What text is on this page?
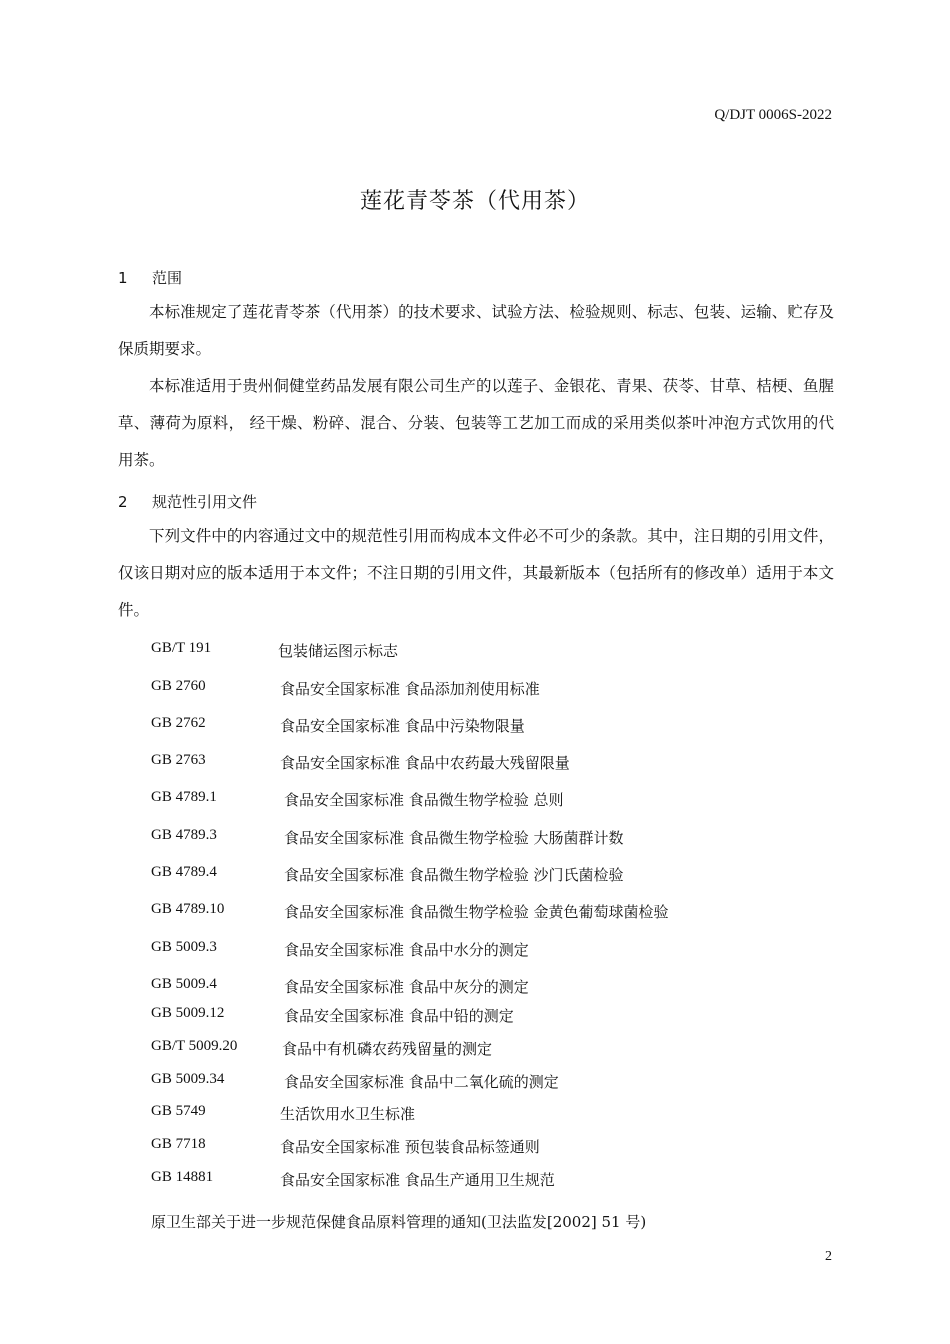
Q/DJT 0006S-2022
莲花青苓茶（代用茶）
1 范围
本标准规定了莲花青苓茶（代用茶）的技术要求、试验方法、检验规则、标志、包装、运输、贮存及保质期要求。
本标准适用于贵州侗健堂药品发展有限公司生产的以莲子、金银花、青果、茯苓、甘草、桔梗、鱼腥草、薄荷为原料， 经干燥、粉碎、混合、分装、包装等工艺加工而成的采用类似茶叶冲泡方式饮用的代用茶。
2 规范性引用文件
下列文件中的内容通过文中的规范性引用而构成本文件必不可少的条款。其中，注日期的引用文件，仅该日期对应的版本适用于本文件；不注日期的引用文件，其最新版本（包括所有的修改单）适用于本文件。
GB/T 191	包装储运图示标志
GB 2760	食品安全国家标准 食品添加剂使用标准
GB 2762	食品安全国家标准 食品中污染物限量
GB 2763	食品安全国家标准 食品中农药最大残留限量
GB 4789.1	食品安全国家标准 食品微生物学检验 总则
GB 4789.3	食品安全国家标准 食品微生物学检验 大肠菌群计数
GB 4789.4	食品安全国家标准 食品微生物学检验 沙门氏菌检验
GB 4789.10	食品安全国家标准 食品微生物学检验 金黄色葡萄球菌检验
GB 5009.3	食品安全国家标准 食品中水分的测定
GB 5009.4	食品安全国家标准 食品中灰分的测定
GB 5009.12	食品安全国家标准 食品中铅的测定
GB/T 5009.20	食品中有机磷农药残留量的测定
GB 5009.34	食品安全国家标准 食品中二氧化硫的测定
GB 5749	生活饮用水卫生标准
GB 7718	食品安全国家标准 预包装食品标签通则
GB 14881	食品安全国家标准 食品生产通用卫生规范
原卫生部关于进一步规范保健食品原料管理的通知(卫法监发[2002] 51 号)
2
